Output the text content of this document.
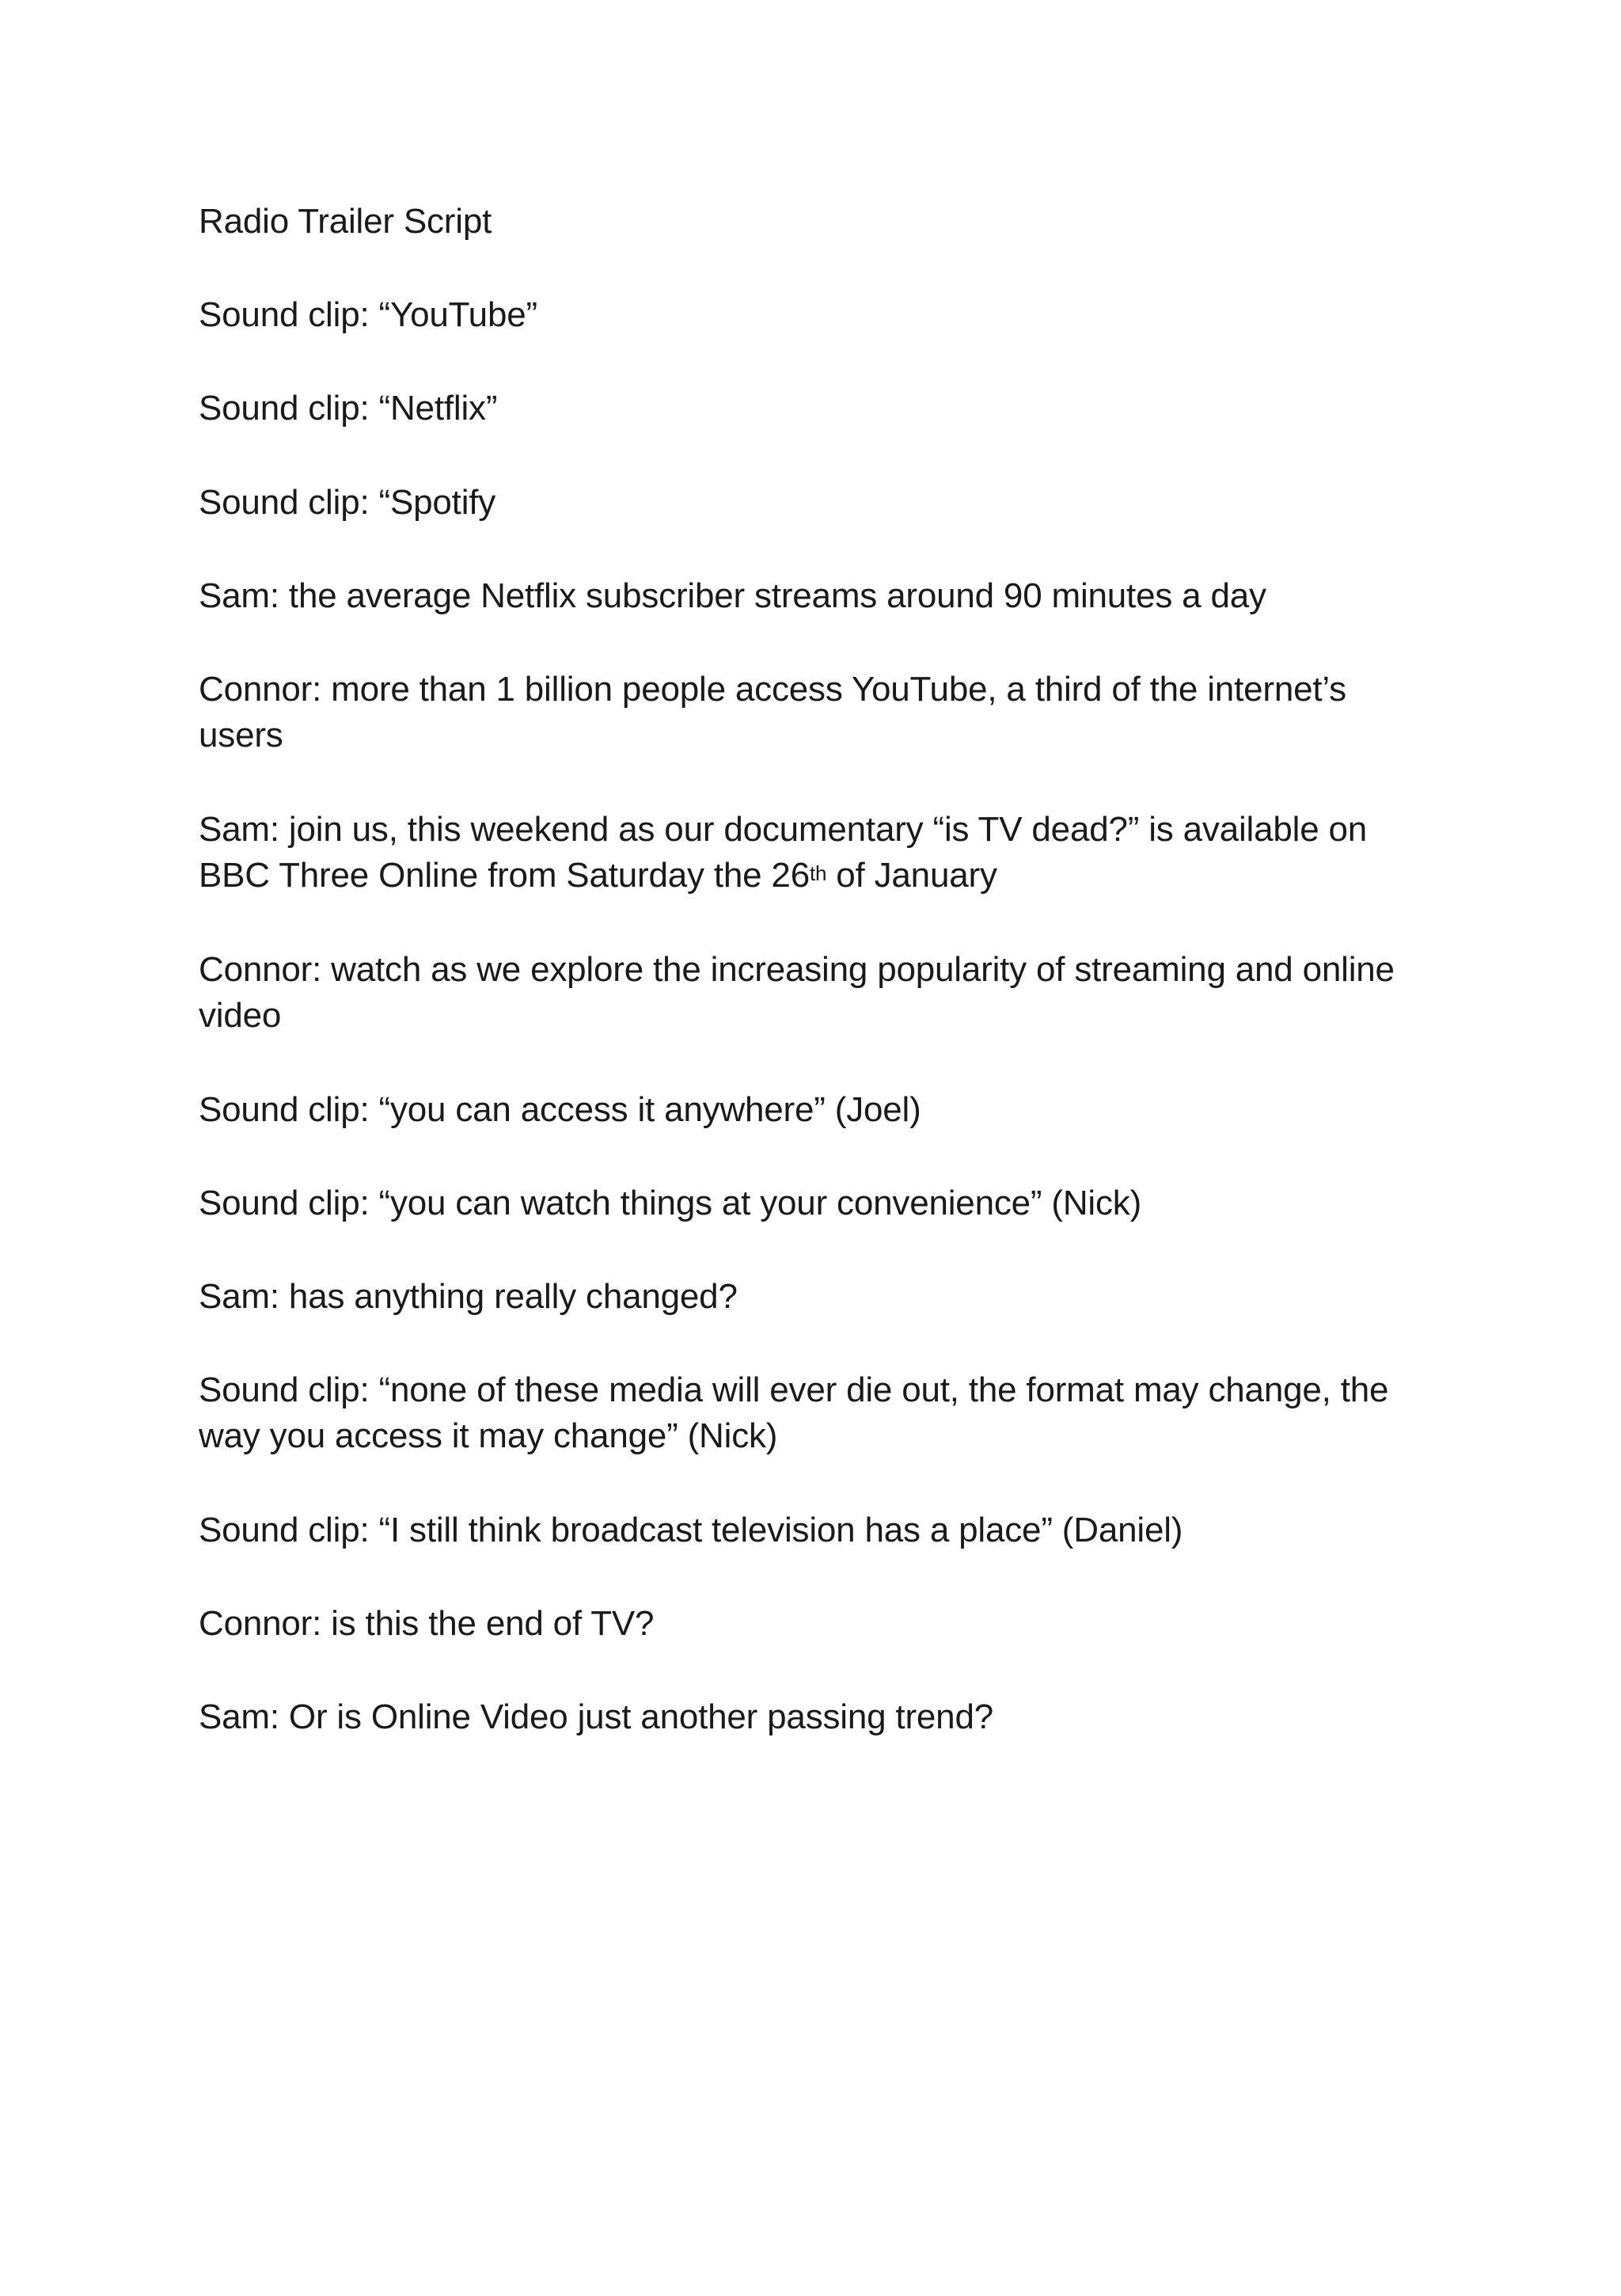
Radio Trailer Script
Sound clip: “YouTube”
Sound clip: “Netflix”
Sound clip: “Spotify
Sam: the average Netflix subscriber streams around 90 minutes a day
Connor: more than 1 billion people access YouTube, a third of the internet’s
users
Sam: join us, this weekend as our documentary “is TV dead?” is available on
BBC Three Online from Saturday the 26th of January
Connor: watch as we explore the increasing popularity of streaming and online
video
Sound clip: “you can access it anywhere” (Joel)
Sound clip: “you can watch things at your convenience” (Nick)
Sam: has anything really changed?
Sound clip: “none of these media will ever die out, the format may change, the
way you access it may change” (Nick)
Sound clip: “I still think broadcast television has a place” (Daniel)
Connor: is this the end of TV?
Sam: Or is Online Video just another passing trend?
